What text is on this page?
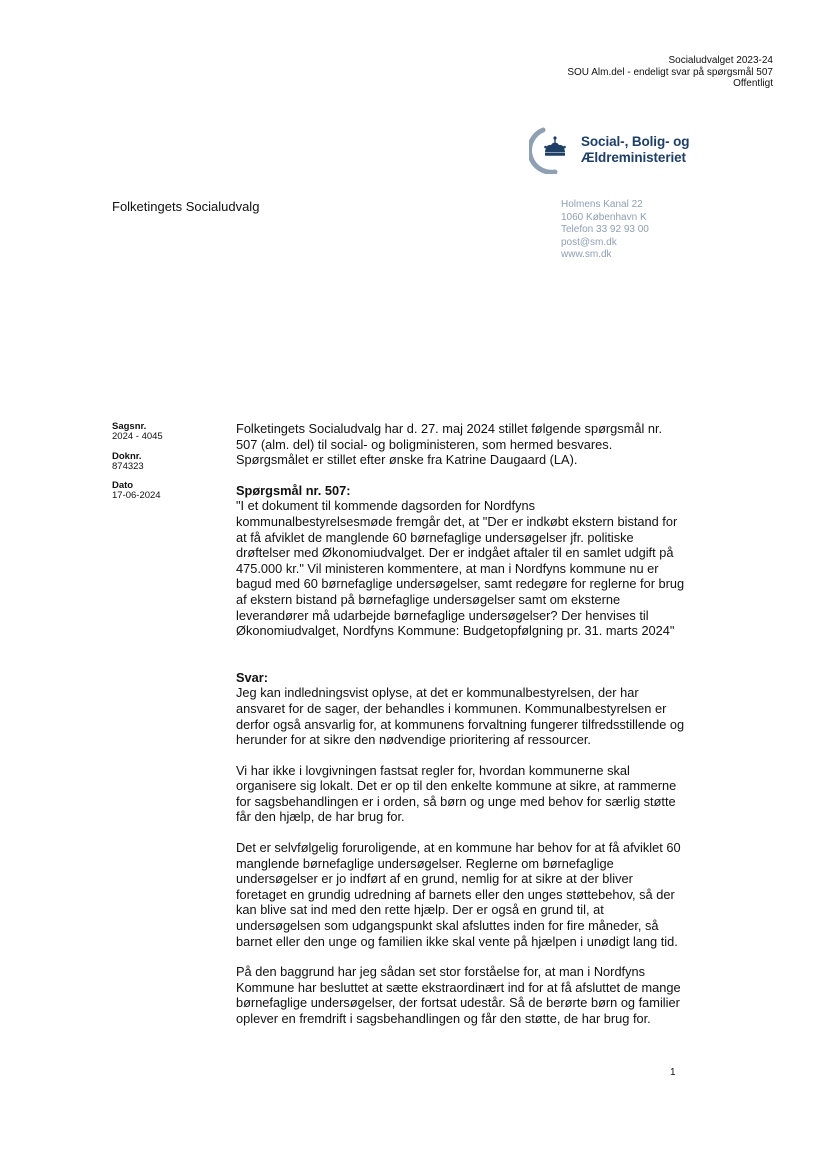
Socialudvalget 2023-24
SOU Alm.del - endeligt svar på spørgsmål 507
Offentligt
Social-, Bolig- og
Ældreministeriet
Folketingets Socialudvalg	Holmens Kanal 22
1060 København K
Telefon 33 92 93 00
post@sm.dk
www.sm.dk
Sagsnr.
2024 - 4045
Doknr.
874323
Dato
17-06-2024

Folketingets Socialudvalg har d. 27. maj 2024 stillet følgende spørgsmål nr. 507 (alm. del) til social- og boligministeren, som hermed besvares. Spørgsmålet er stillet efter ønske fra Katrine Daugaard (LA).

Spørgsmål nr. 507:

"I et dokument til kommende dagsorden for Nordfyns kommunalbestyrelsesmøde fremgår det, at "Der er indkøbt ekstern bistand for at få afviklet de manglende 60 børnefaglige undersøgelser jfr. politiske drøftelser med Økonomiudvalget. Der er indgået aftaler til en samlet udgift på 475.000 kr." Vil ministeren kommentere, at man i Nordfyns kommune nu er bagud med 60 børnefaglige undersøgelser, samt redegøre for reglerne for brug af ekstern bistand på børnefaglige undersøgelser samt om eksterne leverandører må udarbejde børnefaglige undersøgelser? Der henvises til Økonomiudvalget, Nordfyns Kommune: Budgetopfølgning pr. 31. marts 2024"

Svar:

Jeg kan indledningsvist oplyse, at det er kommunalbestyrelsen, der har ansvaret for de sager, der behandles i kommunen. Kommunalbestyrelsen er derfor også ansvarlig for, at kommunens forvaltning fungerer tilfredsstillende og herunder for at sikre den nødvendige prioritering af ressourcer.

Vi har ikke i lovgivningen fastsat regler for, hvordan kommunerne skal organisere sig lokalt. Det er op til den enkelte kommune at sikre, at rammerne for sagsbehandlingen er i orden, så børn og unge med behov for særlig støtte får den hjælp, de har brug for.

Det er selvfølgelig foruroligende, at en kommune har behov for at få afviklet 60 manglende børnefaglige undersøgelser. Reglerne om børnefaglige undersøgelser er jo indført af en grund, nemlig for at sikre at der bliver foretaget en grundig udredning af barnets eller den unges støttebehov, så der kan blive sat ind med den rette hjælp. Der er også en grund til, at undersøgelsen som udgangspunkt skal afsluttes inden for fire måneder, så barnet eller den unge og familien ikke skal vente på hjælpen i unødigt lang tid.

På den baggrund har jeg sådan set stor forståelse for, at man i Nordfyns Kommune har besluttet at sætte ekstraordinært ind for at få afsluttet de mange børnefaglige undersøgelser, der fortsat udestår. Så de berørte børn og familier oplever en fremdrift i sagsbehandlingen og får den støtte, de har brug for.

1
